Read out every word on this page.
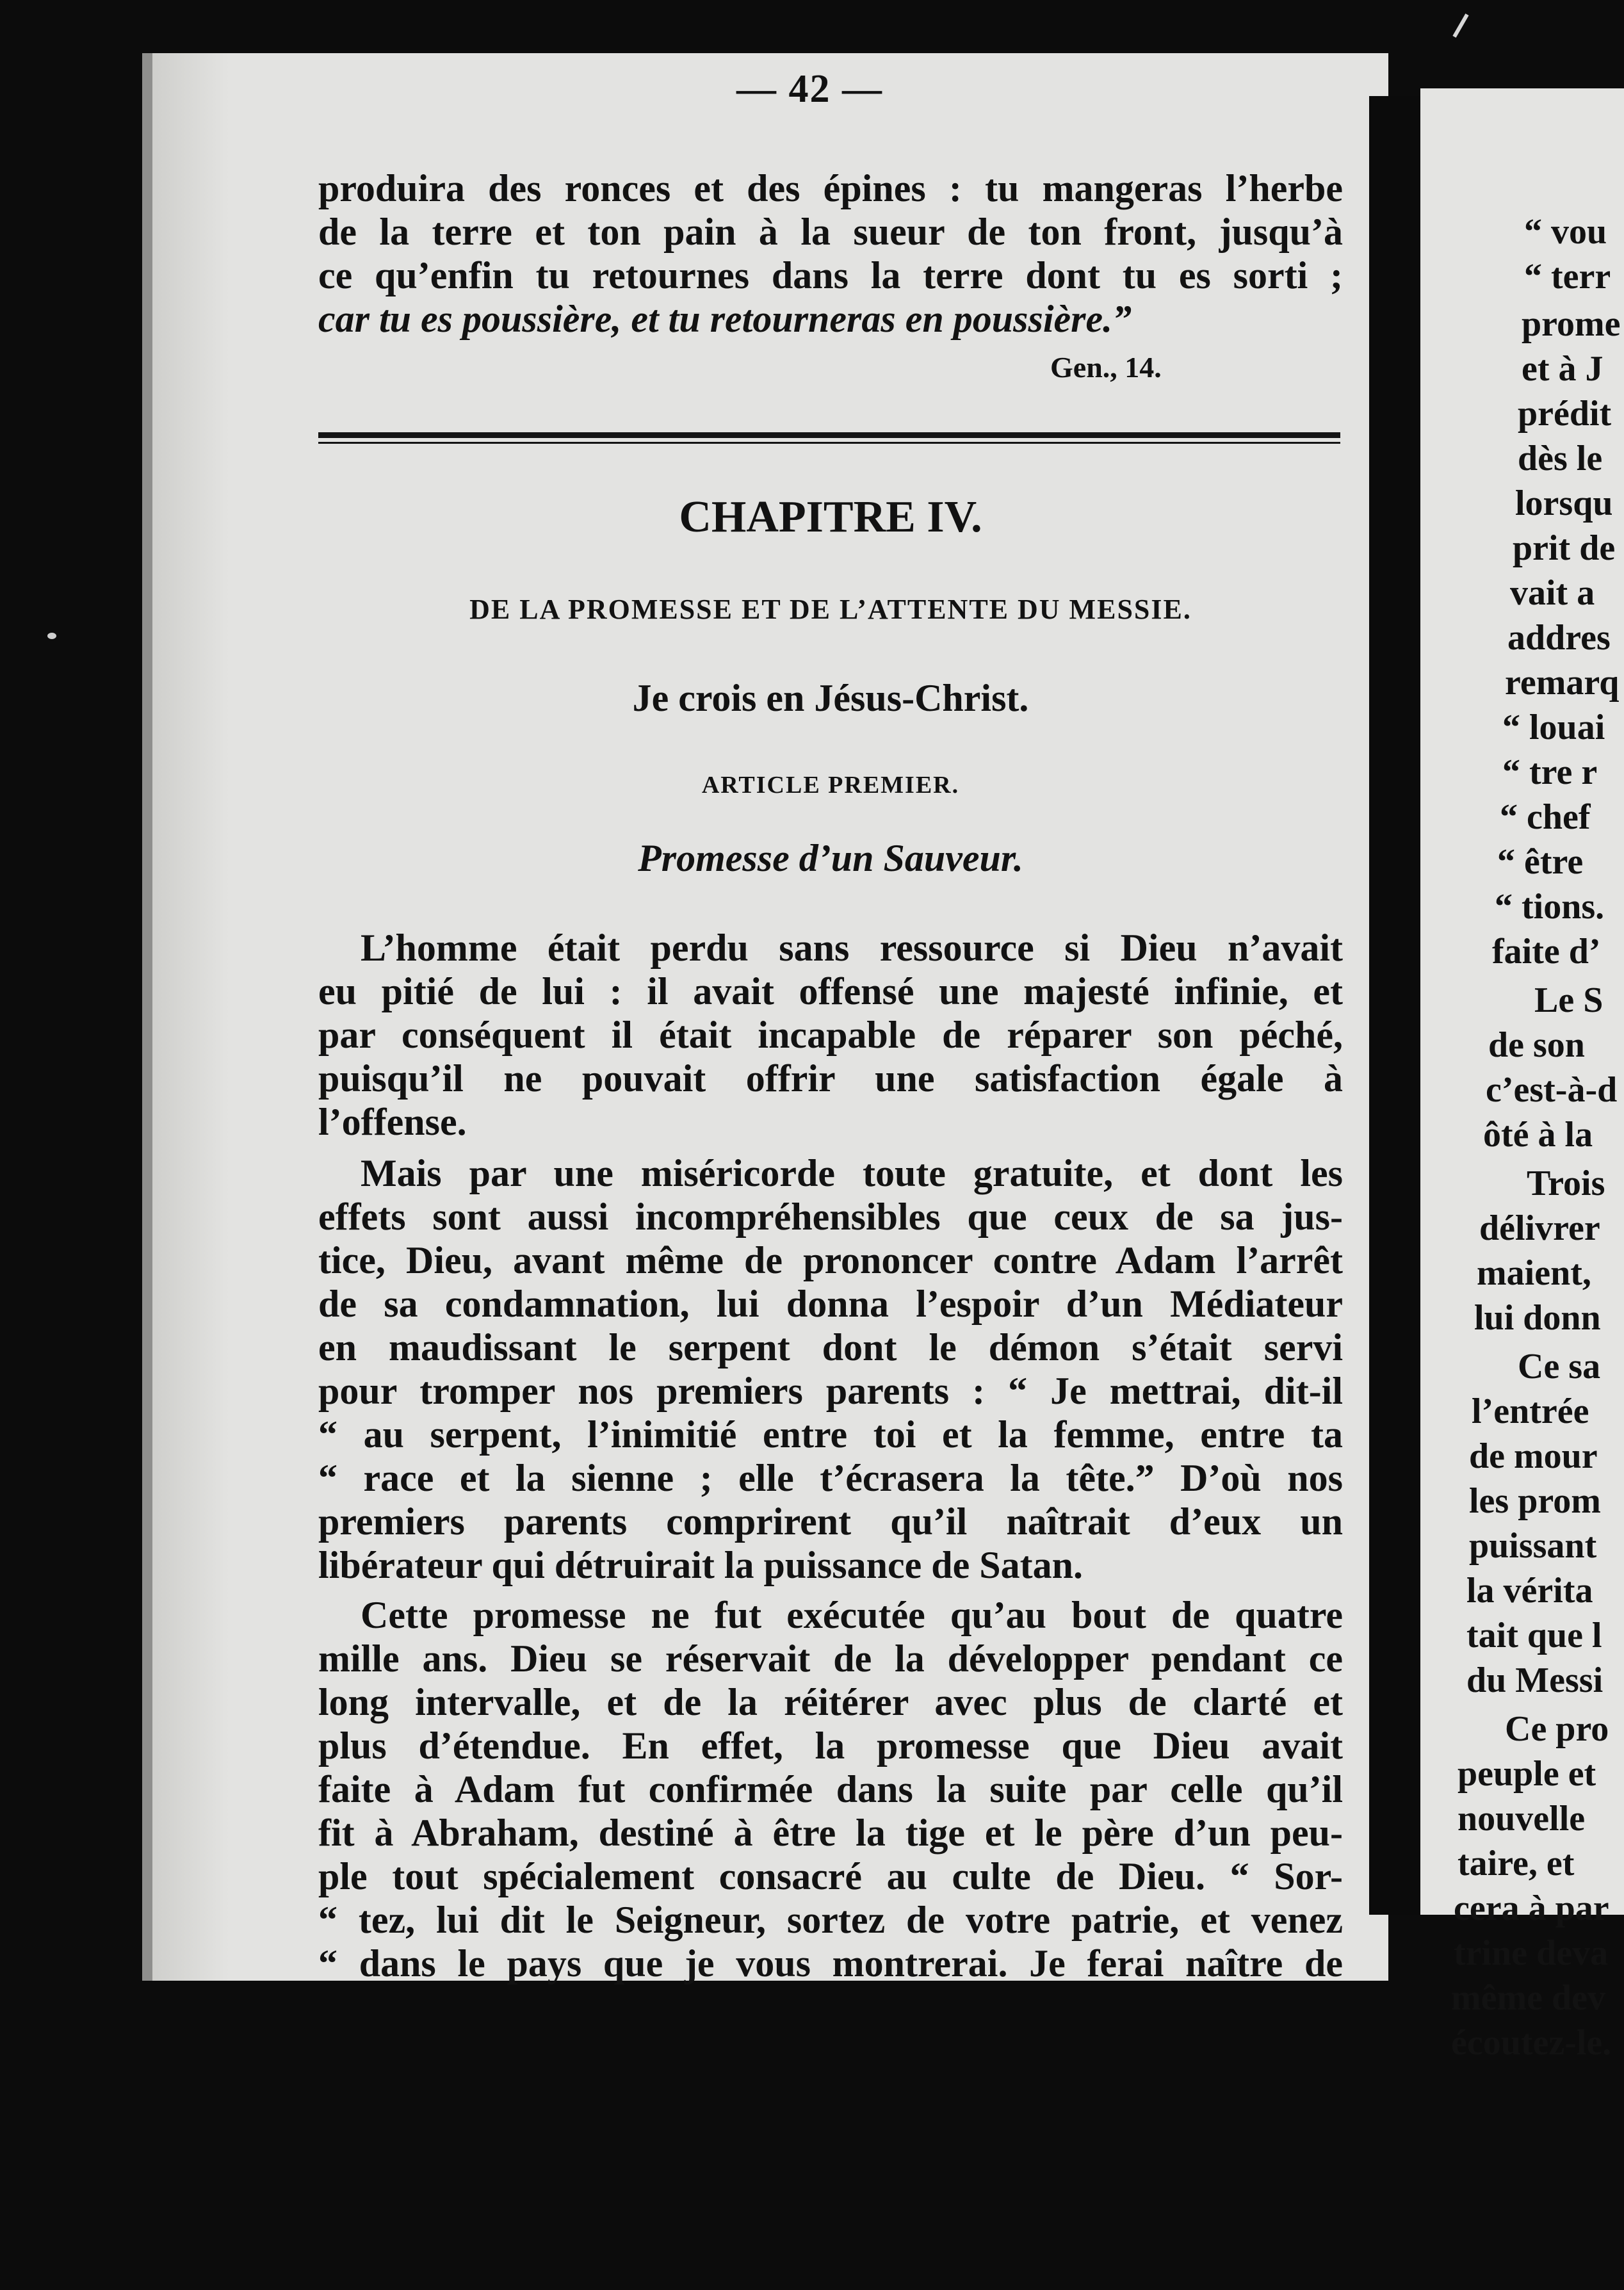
— 42 —

produira des ronces et des épines : tu mangeras l’herbe

de la terre et ton pain à la sueur de ton front, jusqu’à

ce qu’enfin tu retournes dans la terre dont tu es sorti ;

car tu es poussière, et tu retourneras en poussière.”

Gen., 14.

CHAPITRE IV.

DE LA PROMESSE ET DE L’ATTENTE DU MESSIE.

Je crois en Jésus-Christ.

ARTICLE PREMIER.

Promesse d’un Sauveur.

L’homme était perdu sans ressource si Dieu n’avait

eu pitié de lui : il avait offensé une majesté infinie, et

par conséquent il était incapable de réparer son péché,

puisqu’il ne pouvait offrir une satisfaction égale à

l’offense.

Mais par une miséricorde toute gratuite, et dont les

effets sont aussi incompréhensibles que ceux de sa jus-

tice, Dieu, avant même de prononcer contre Adam l’arrêt

de sa condamnation, lui donna l’espoir d’un Médiateur

en maudissant le serpent dont le démon s’était servi

pour tromper nos premiers parents : “ Je mettrai, dit-il

“ au serpent, l’inimitié entre toi et la femme, entre ta

“ race et la sienne ; elle t’écrasera la tête.” D’où nos

premiers parents comprirent qu’il naîtrait d’eux un

libérateur qui détruirait la puissance de Satan.

Cette promesse ne fut exécutée qu’au bout de quatre

mille ans. Dieu se réservait de la développer pendant ce

long intervalle, et de la réitérer avec plus de clarté et

plus d’étendue. En effet, la promesse que Dieu avait

faite à Adam fut confirmée dans la suite par celle qu’il

fit à Abraham, destiné à être la tige et le père d’un peu-

ple tout spécialement consacré au culte de Dieu. “ Sor-

“ tez, lui dit le Seigneur, sortez de votre patrie, et venez

“ dans le pays que je vous montrerai. Je ferai naître de

“ vou

“ terr

prome

et à J

prédit

dès le

lorsqu

prit de

vait a

addres

remarq

“ louai

“ tre r

“ chef

“ être

“ tions.

faite d’

Le S

de son

c’est-à-d

ôté à la

Trois

délivrer

maient,

lui donn

Ce sa

l’entrée

de mour

les prom

puissant

la vérita

tait que l

du Messi

Ce pro

peuple et

nouvelle

taire, et

cera à par

trine deva

même dev

écoutez-le.
